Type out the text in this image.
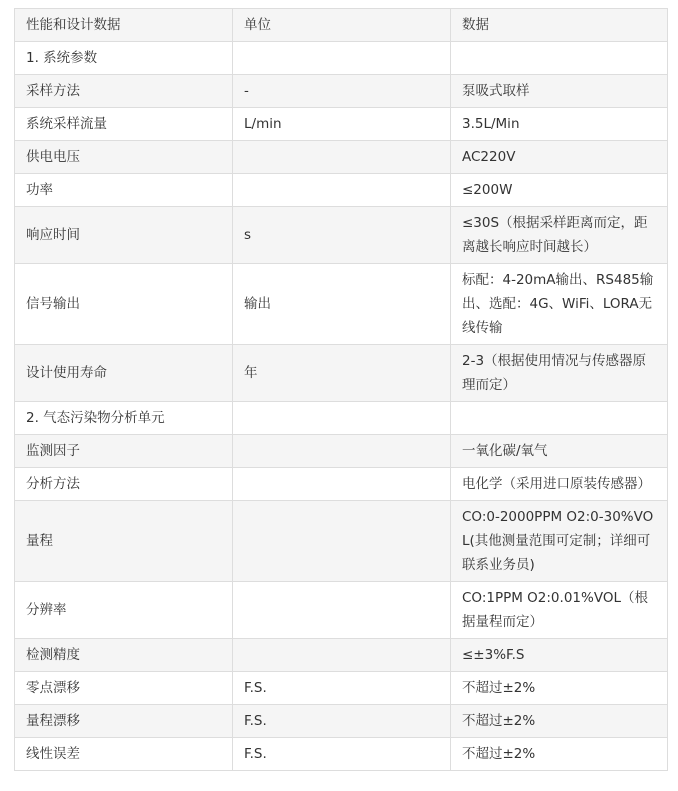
性能和设计数据	单位	数据
1. 系统参数		
采样方法	-	泵吸式取样
系统采样流量	L/min	3.5L/Min
供电电压		AC220V
功率		≤200W
响应时间	s	≤30S（根据采样距离而定，距离越长响应时间越长）
信号输出	输出	标配：4-20mA输出、RS485输出、选配：4G、WiFi、LORA无线传输
设计使用寿命	年	2-3（根据使用情况与传感器原理而定）
2. 气态污染物分析单元		
监测因子		一氧化碳/氧气
分析方法		电化学（采用进口原装传感器）
量程		CO:0-2000PPM O2:0-30%VOL(其他测量范围可定制；详细可联系业务员)
分辨率		CO:1PPM O2:0.01%VOL（根据量程而定）
检测精度		≤±3%F.S
零点漂移	F.S.	不超过±2%
量程漂移	F.S.	不超过±2%
线性误差	F.S.	不超过±2%
